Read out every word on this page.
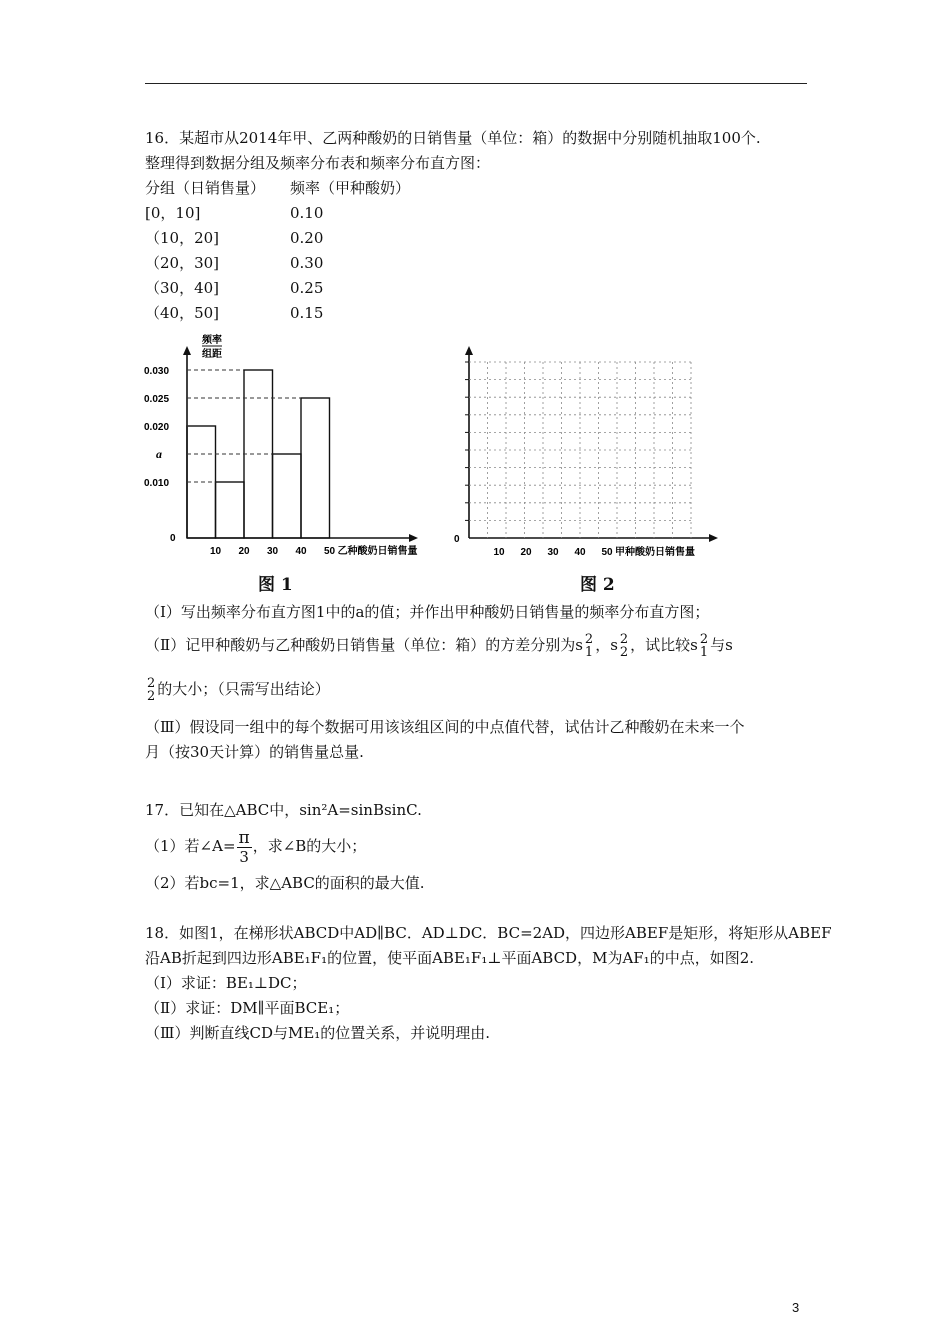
16．某超市从2014年甲、乙两种酸奶的日销售量（单位：箱）的数据中分别随机抽取100个.
整理得到数据分组及频率分布表和频率分布直方图：
分组（日销售量）	频率（甲种酸奶）
[0，10]	0.10
（10，20]	0.20
（20，30]	0.30
（30，40]	0.25
（40，50]	0.15
频率
组距
0.030
0.025
0.020
a
0.010
10 20 30 40 50 乙种酸奶日销售量
0
图 1
10 20 30 40 50 甲种酸奶日销售量
0
图 2
（Ⅰ）写出频率分布直方图1中的a的值；并作出甲种酸奶日销售量的频率分布直方图；
（Ⅱ）记甲种酸奶与乙种酸奶日销售量（单位：箱）的方差分别为s 2
1 ，s 2
2 ，试比较s 2
1 与s
2
2 的大小；（只需写出结论）
（Ⅲ）假设同一组中的每个数据可用该该组区间的中点值代替，试估计乙种酸奶在未来一个
月（按30天计算）的销售量总量.
17．已知在△ABC中，sin²A=sinBsinC.
（1）若∠A= $\frac{\pi}{3}$ ，求∠B的大小；
（2）若bc=1，求△ABC的面积的最大值.
18．如图1，在梯形状ABCD中AD∥BC．AD⊥DC．BC=2AD，四边形ABEF是矩形，将矩形从ABEF
沿AB折起到四边形ABE₁F₁的位置，使平面ABE₁F₁⊥平面ABCD，M为AF₁的中点，如图2.
（Ⅰ）求证：BE₁⊥DC；
（Ⅱ）求证：DM∥平面BCE₁；
（Ⅲ）判断直线CD与ME₁的位置关系，并说明理由.
3
